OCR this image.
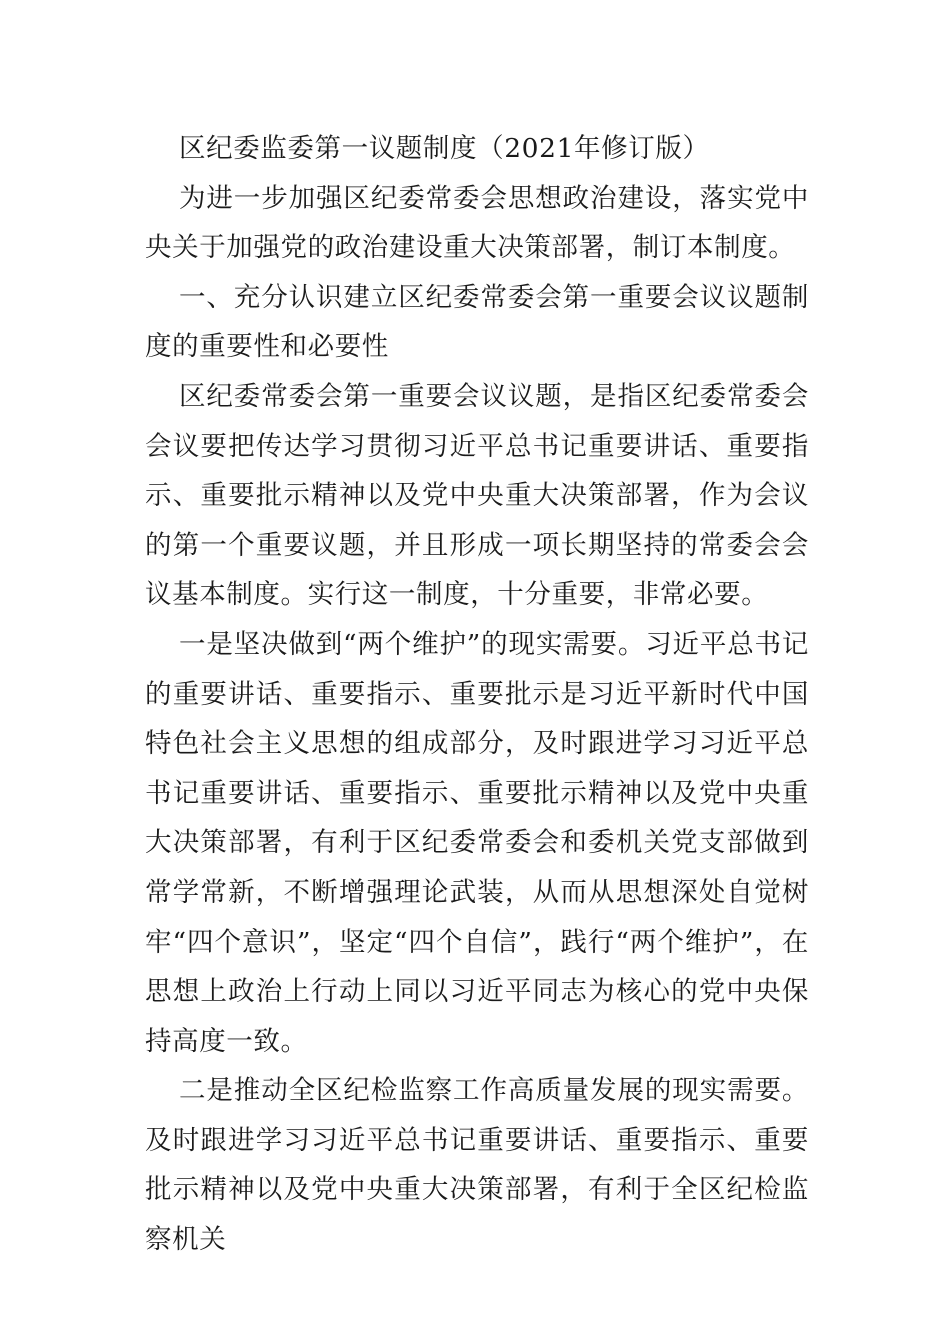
区纪委监委第一议题制度（2021年修订版）

为进一步加强区纪委常委会思想政治建设，落实党中央关于加强党的政治建设重大决策部署，制订本制度。

一、充分认识建立区纪委常委会第一重要会议议题制度的重要性和必要性

区纪委常委会第一重要会议议题，是指区纪委常委会会议要把传达学习贯彻习近平总书记重要讲话、重要指示、重要批示精神以及党中央重大决策部署，作为会议的第一个重要议题，并且形成一项长期坚持的常委会会议基本制度。实行这一制度，十分重要，非常必要。

一是坚决做到“两个维护”的现实需要。习近平总书记的重要讲话、重要指示、重要批示是习近平新时代中国特色社会主义思想的组成部分，及时跟进学习习近平总书记重要讲话、重要指示、重要批示精神以及党中央重大决策部署，有利于区纪委常委会和委机关党支部做到常学常新，不断增强理论武装，从而从思想深处自觉树牢“四个意识”，坚定“四个自信”，践行“两个维护”，在思想上政治上行动上同以习近平同志为核心的党中央保持高度一致。

二是推动全区纪检监察工作高质量发展的现实需要。及时跟进学习习近平总书记重要讲话、重要指示、重要批示精神以及党中央重大决策部署，有利于全区纪检监察机关
